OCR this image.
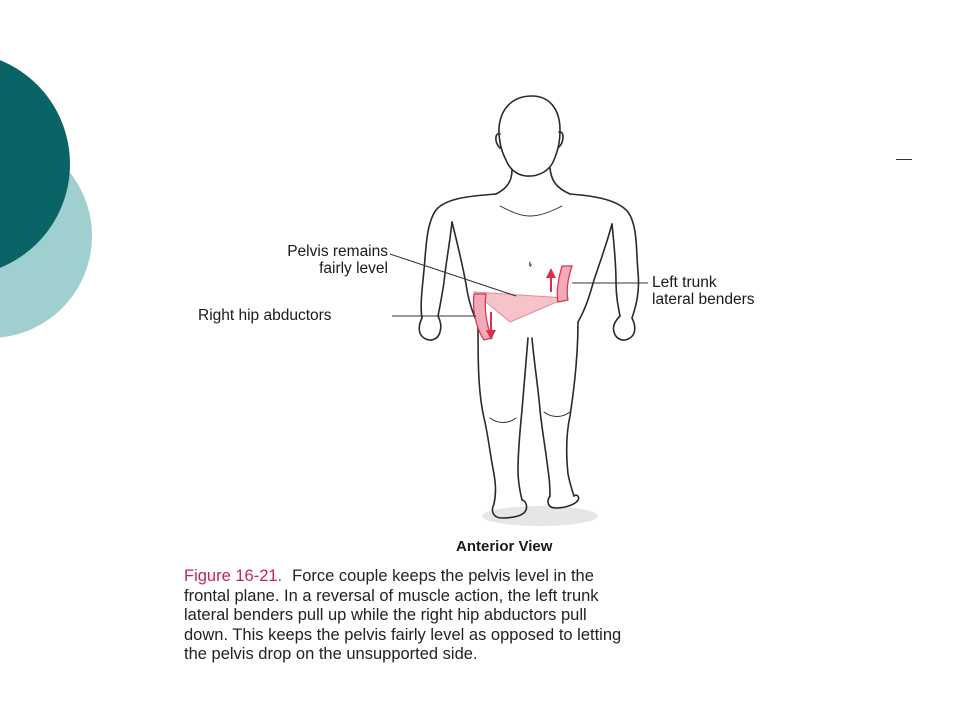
Pelvis remains
fairly level
Right hip abductors
Left trunk
lateral benders
Anterior View
Figure 16-21. Force couple keeps the pelvis level in the
frontal plane. In a reversal of muscle action, the left trunk
lateral benders pull up while the right hip abductors pull
down. This keeps the pelvis fairly level as opposed to letting
the pelvis drop on the unsupported side.
